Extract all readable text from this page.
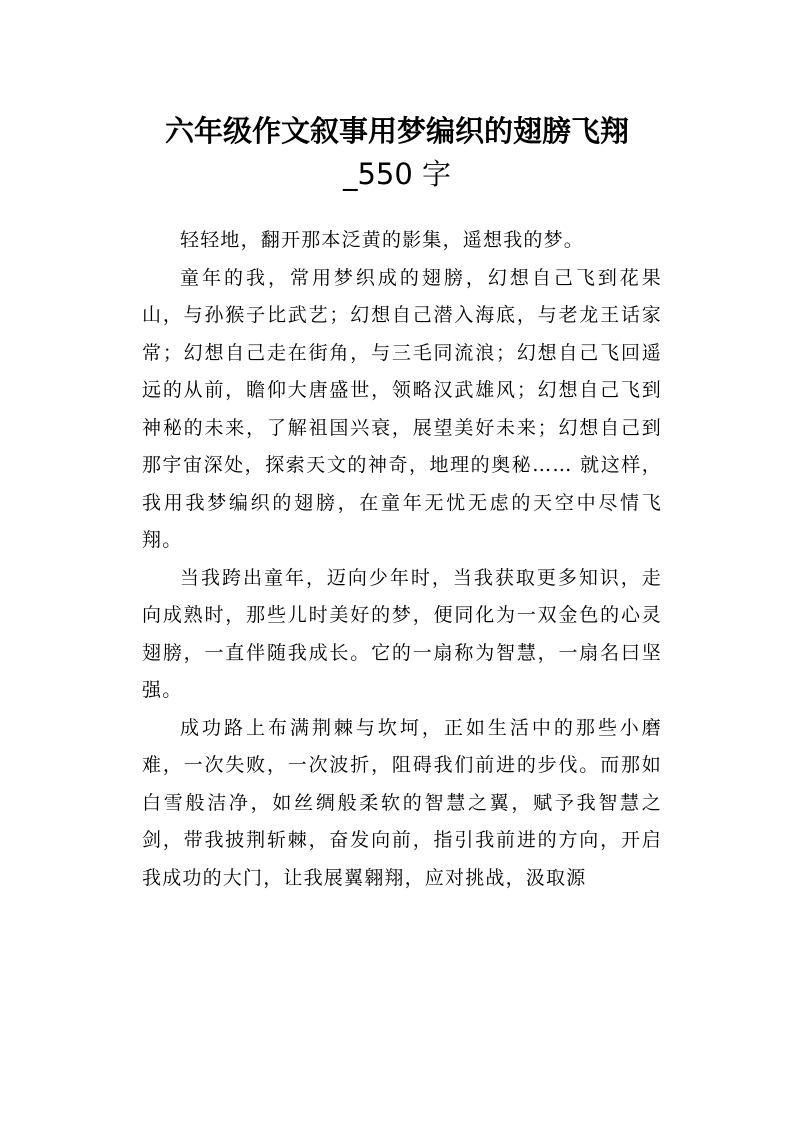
六年级作文叙事用梦编织的翅膀飞翔
_550 字

轻轻地，翻开那本泛黄的影集，遥想我的梦。

童年的我，常用梦织成的翅膀，幻想自己飞到花果山，与孙猴子比武艺；幻想自己潜入海底，与老龙王话家常；幻想自己走在街角，与三毛同流浪；幻想自己飞回遥远的从前，瞻仰大唐盛世，领略汉武雄风；幻想自己飞到神秘的未来，了解祖国兴衰，展望美好未来；幻想自己到那宇宙深处，探索天文的神奇，地理的奥秘…… 就这样，我用我梦编织的翅膀，在童年无忧无虑的天空中尽情飞翔。

当我跨出童年，迈向少年时，当我获取更多知识，走向成熟时，那些儿时美好的梦，便同化为一双金色的心灵翅膀，一直伴随我成长。它的一扇称为智慧，一扇名曰坚强。

成功路上布满荆棘与坎坷，正如生活中的那些小磨难，一次失败，一次波折，阻碍我们前进的步伐。而那如白雪般洁净，如丝绸般柔软的智慧之翼，赋予我智慧之剑，带我披荆斩棘，奋发向前，指引我前进的方向，开启我成功的大门，让我展翼翱翔，应对挑战，汲取源
